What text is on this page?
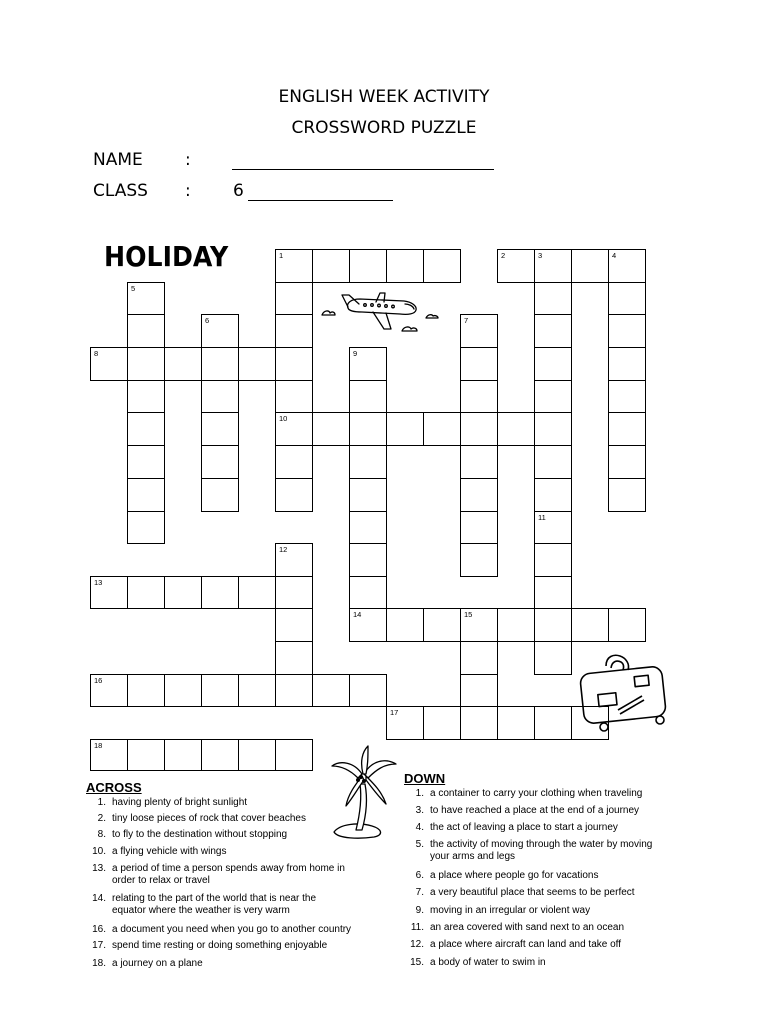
ENGLISH WEEK ACTIVITY
CROSSWORD PUZZLE
NAME :
CLASS : 6
HOLIDAY	1	2	3	4
5
6	7
8	9
10
11
12
13
14	15
16
17
18
ACROSS
1. having plenty of bright sunlight
2. tiny loose pieces of rock that cover beaches
8. to fly to the destination without stopping
10. a flying vehicle with wings
13. a period of time a person spends away from home in order to relax or travel
14. relating to the part of the world that is near the equator where the weather is very warm
16. a document you need when you go to another country
17. spend time resting or doing something enjoyable
18. a journey on a plane
DOWN
1. a container to carry your clothing when traveling
3. to have reached a place at the end of a journey
4. the act of leaving a place to start a journey
5. the activity of moving through the water by moving your arms and legs
6. a place where people go for vacations
7. a very beautiful place that seems to be perfect
9. moving in an irregular or violent way
11. an area covered with sand next to an ocean
12. a place where aircraft can land and take off
15. a body of water to swim in
